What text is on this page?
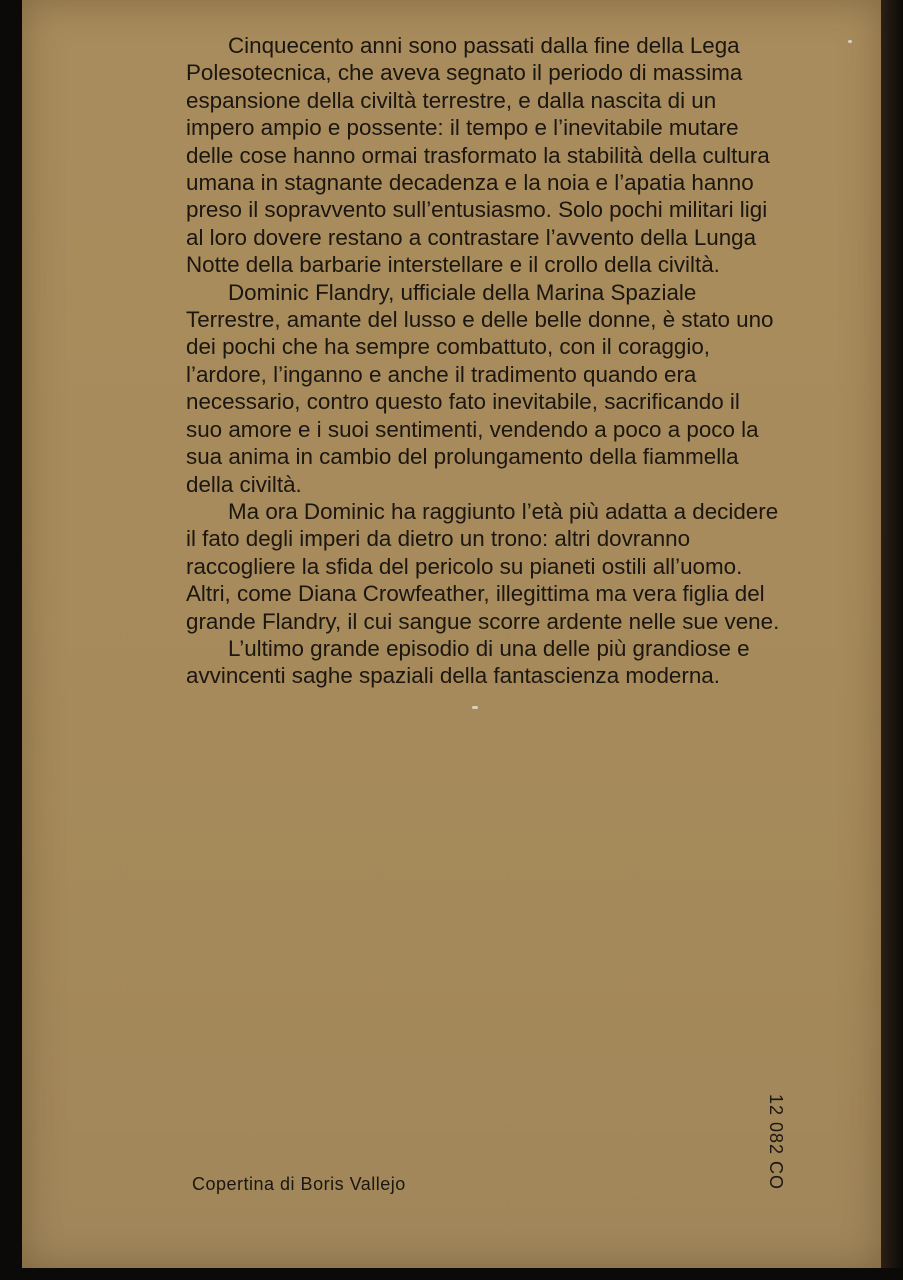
Cinquecento anni sono passati dalla fine della Lega Polesotecnica, che aveva segnato il periodo di massima espansione della civiltà terrestre, e dalla nascita di un impero ampio e possente: il tempo e l’inevitabile mutare delle cose hanno ormai trasformato la stabilità della cultura umana in stagnante decadenza e la noia e l’apatia hanno preso il sopravvento sull’entusiasmo. Solo pochi militari ligi al loro dovere restano a contrastare l’avvento della Lunga Notte della barbarie interstellare e il crollo della civiltà.

Dominic Flandry, ufficiale della Marina Spaziale Terrestre, amante del lusso e delle belle donne, è stato uno dei pochi che ha sempre combattuto, con il coraggio, l’ardore, l’inganno e anche il tradimento quando era necessario, contro questo fato inevitabile, sacrificando il suo amore e i suoi sentimenti, vendendo a poco a poco la sua anima in cambio del prolungamento della fiammella della civiltà.

Ma ora Dominic ha raggiunto l’età più adatta a decidere il fato degli imperi da dietro un trono: altri dovranno raccogliere la sfida del pericolo su pianeti ostili all’uomo. Altri, come Diana Crowfeather, illegittima ma vera figlia del grande Flandry, il cui sangue scorre ardente nelle sue vene.

L’ultimo grande episodio di una delle più grandiose e avvincenti saghe spaziali della fantascienza moderna.

Copertina di Boris Vallejo	12 082 CO
